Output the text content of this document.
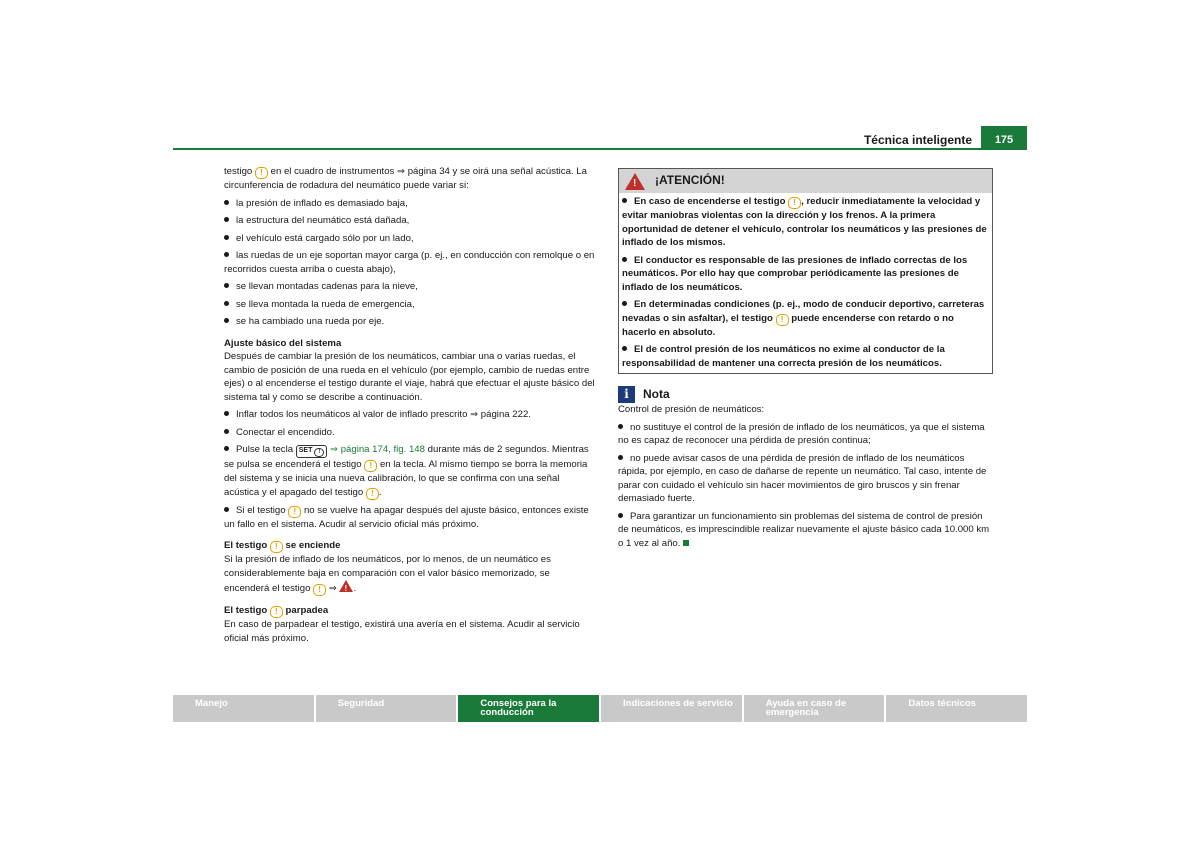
Técnica inteligente	175

testigo ! en el cuadro de instrumentos ⇒ página 34 y se oirá una señal acústica. La circunferencia de rodadura del neumático puede variar si:

la presión de inflado es demasiado baja,

la estructura del neumático está dañada,

el vehículo está cargado sólo por un lado,

las ruedas de un eje soportan mayor carga (p. ej., en conducción con remolque o en recorridos cuesta arriba o cuesta abajo),

se llevan montadas cadenas para la nieve,

se lleva montada la rueda de emergencia,

se ha cambiado una rueda por eje.

Ajuste básico del sistema

Después de cambiar la presión de los neumáticos, cambiar una o varias ruedas, el cambio de posición de una rueda en el vehículo (por ejemplo, cambio de ruedas entre ejes) o al encenderse el testigo durante el viaje, habrá que efectuar el ajuste básico del sistema tal y como se describe a continuación.

Inflar todos los neumáticos al valor de inflado prescrito ⇒ página 222.

Conectar el encendido.

Pulse la tecla SET ! ⇒ página 174, fig. 148 durante más de 2 segundos. Mientras se pulsa se encenderá el testigo ! en la tecla. Al mismo tiempo se borra la memoria del sistema y se inicia una nueva calibración, lo que se confirma con una señal acústica y el apagado del testigo ! .

Si el testigo ! no se vuelve ha apagar después del ajuste básico, entonces existe un fallo en el sistema. Acudir al servicio oficial más próximo.

El testigo ! se enciende

Si la presión de inflado de los neumáticos, por lo menos, de un neumático es considerablemente baja en comparación con el valor básico memorizado, se encenderá el testigo ! ⇒ !.

El testigo ! parpadea

En caso de parpadear el testigo, existirá una avería en el sistema. Acudir al servicio oficial más próximo.

!
¡ATENCIÓN!

En caso de encenderse el testigo ! , reducir inmediatamente la velocidad y evitar maniobras violentas con la dirección y los frenos. A la primera oportunidad de detener el vehículo, controlar los neumáticos y las presiones de inflado de los mismos.

El conductor es responsable de las presiones de inflado correctas de los neumáticos. Por ello hay que comprobar periódicamente las presiones de inflado de los neumáticos.

En determinadas condiciones (p. ej., modo de conducir deportivo, carreteras nevadas o sin asfaltar), el testigo ! puede encenderse con retardo o no hacerlo en absoluto.

El de control presión de los neumáticos no exime al conductor de la responsabilidad de mantener una correcta presión de los neumáticos.

i	Nota

Control de presión de neumáticos:

no sustituye el control de la presión de inflado de los neumáticos, ya que el sistema no es capaz de reconocer una pérdida de presión continua;

no puede avisar casos de una pérdida de presión de inflado de los neumáticos rápida, por ejemplo, en caso de dañarse de repente un neumático. Tal caso, intente de parar con cuidado el vehículo sin hacer movimientos de giro bruscos y sin frenar demasiado fuerte.

Para garantizar un funcionamiento sin problemas del sistema de control de presión de neumáticos, es imprescindible realizar nuevamente el ajuste básico cada 10.000 km o 1 vez al año.

Manejo	Seguridad	Consejos para la conducción
Indicaciones de servicio	Ayuda en caso de emergencia
Datos técnicos
